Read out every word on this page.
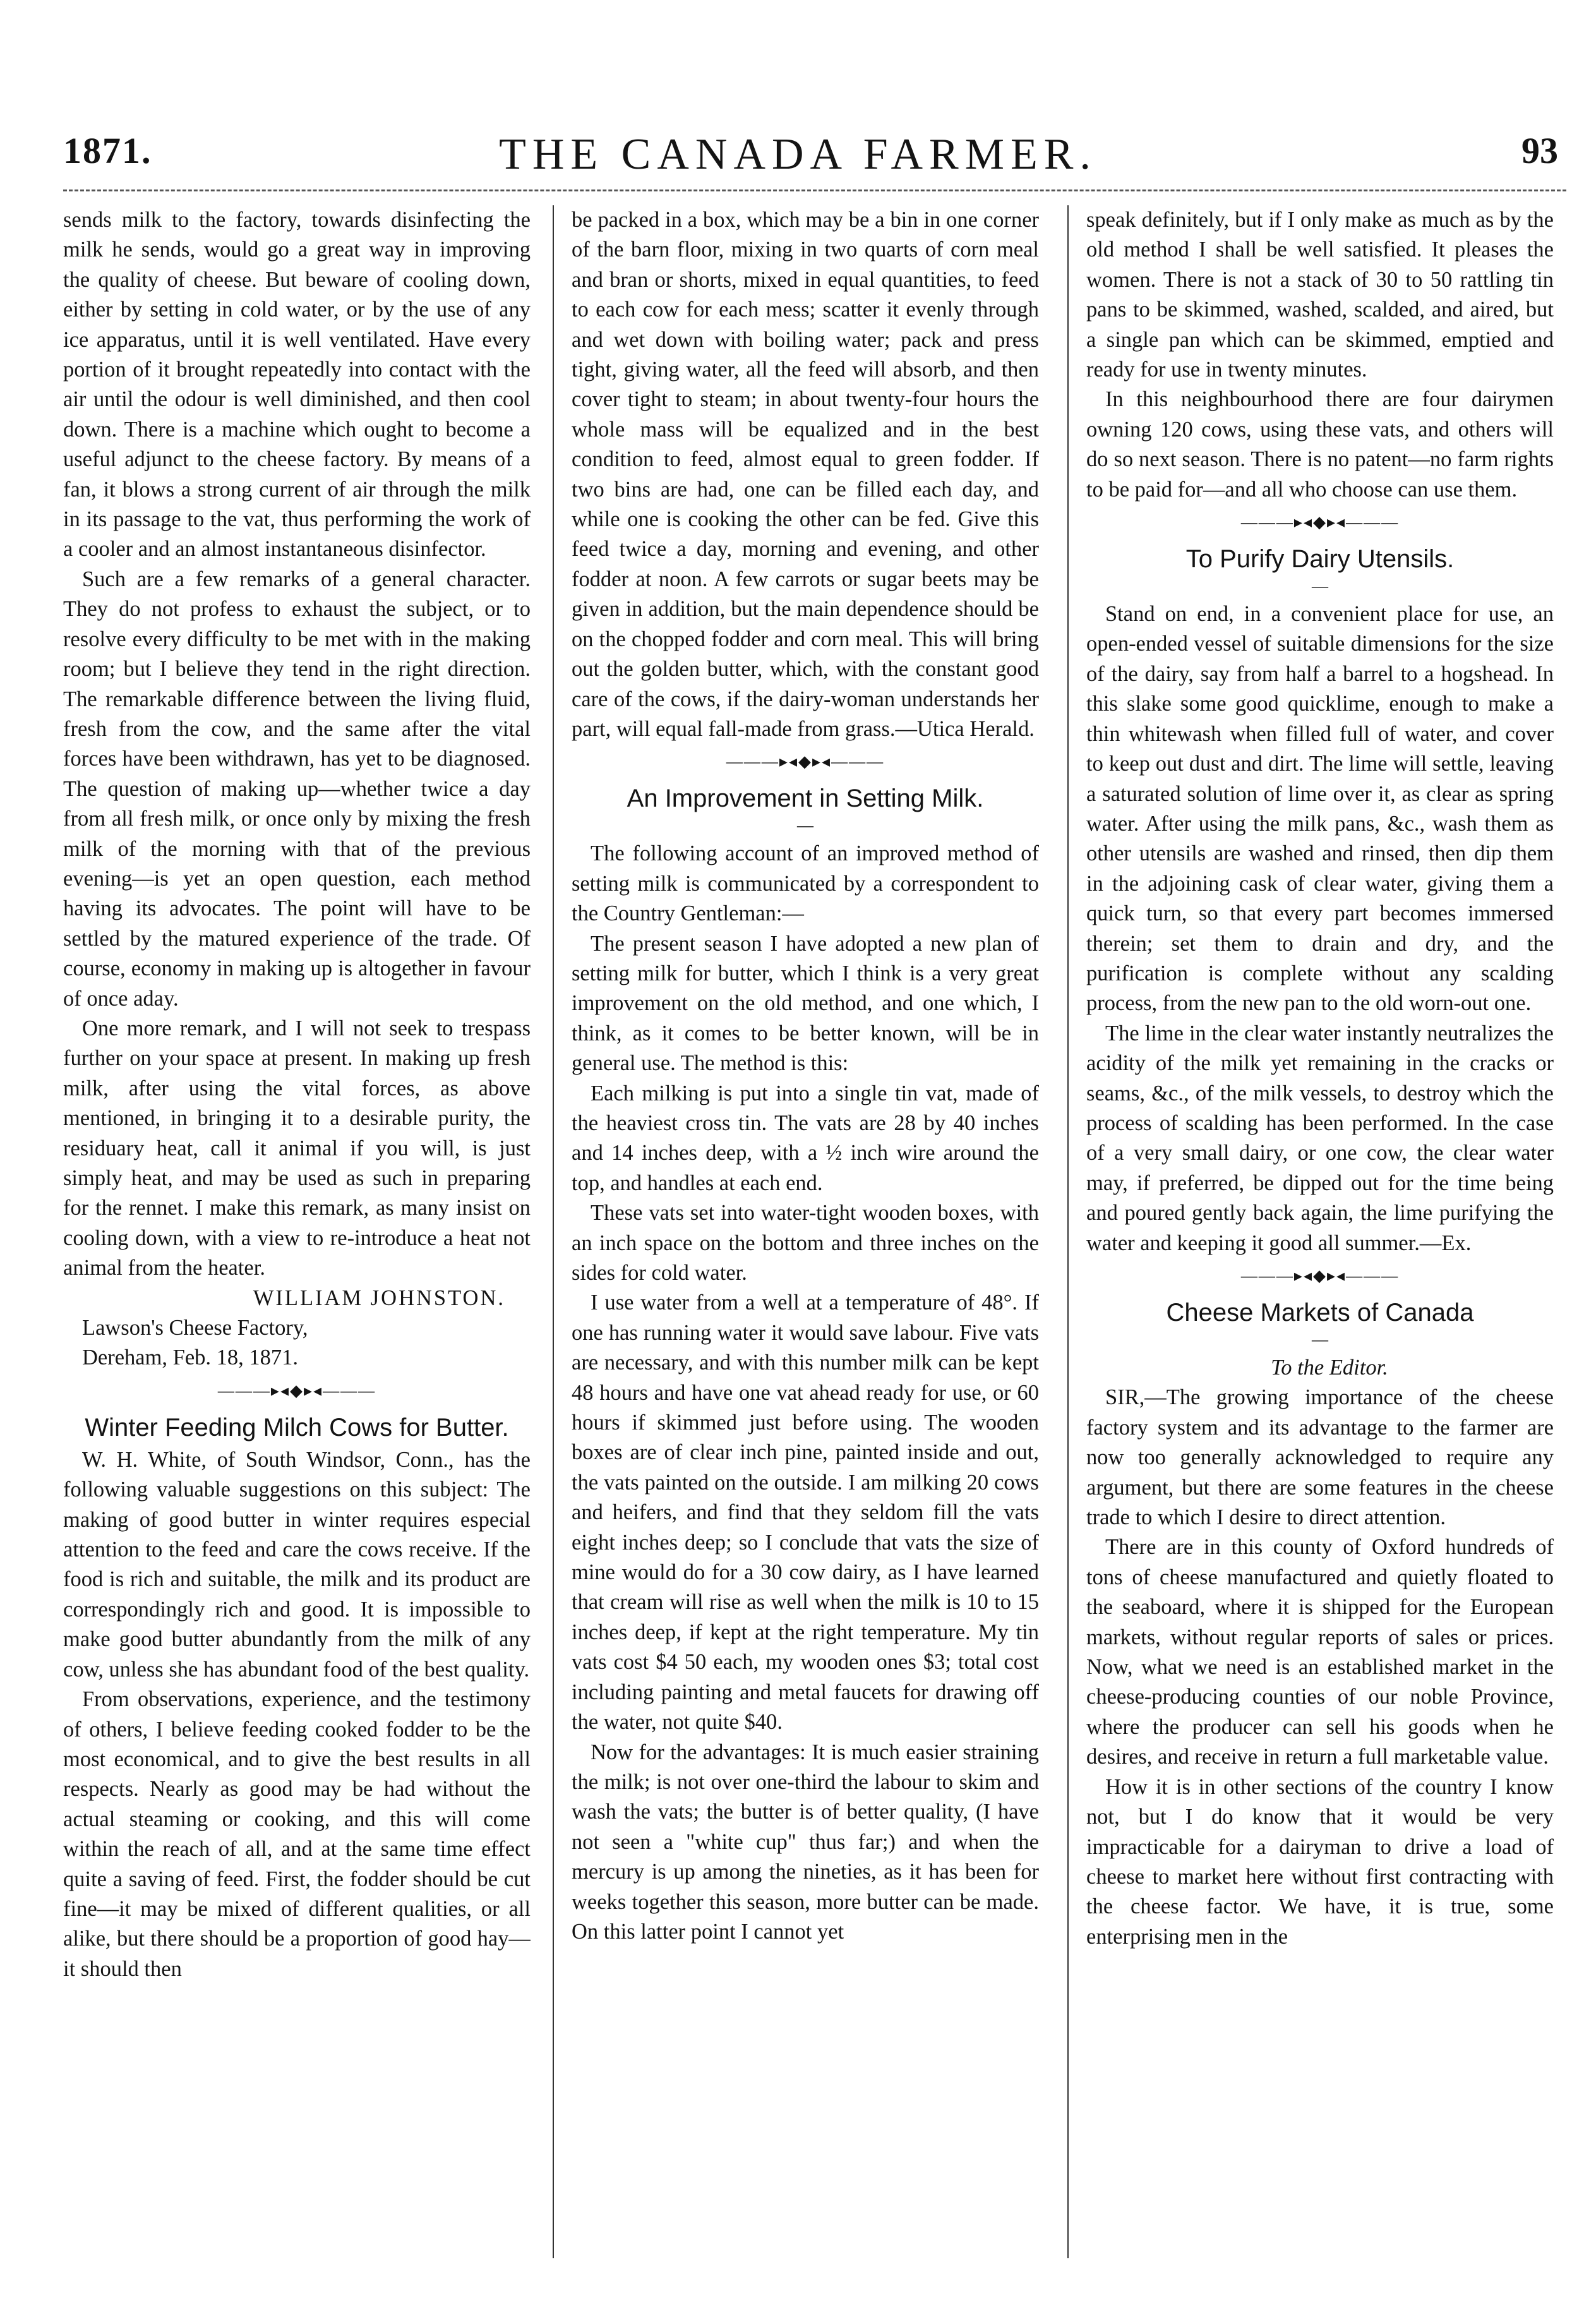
1871.	THE CANADA FARMER.	93

sends milk to the factory, towards disinfecting the milk he sends, would go a great way in improving the quality of cheese. But beware of cooling down, either by setting in cold water, or by the use of any ice apparatus, until it is well ventilated. Have every portion of it brought repeatedly into contact with the air until the odour is well diminished, and then cool down. There is a machine which ought to become a useful adjunct to the cheese factory. By means of a fan, it blows a strong current of air through the milk in its passage to the vat, thus performing the work of a cooler and an almost instantaneous disinfector.

Such are a few remarks of a general character. They do not profess to exhaust the subject, or to resolve every difficulty to be met with in the making room; but I believe they tend in the right direction. The remarkable difference between the living fluid, fresh from the cow, and the same after the vital forces have been withdrawn, has yet to be diagnosed. The question of making up—whether twice a day from all fresh milk, or once only by mixing the fresh milk of the morning with that of the previous evening—is yet an open question, each method having its advocates. The point will have to be settled by the matured experience of the trade. Of course, economy in making up is altogether in favour of once aday.

One more remark, and I will not seek to trespass further on your space at present. In making up fresh milk, after using the vital forces, as above mentioned, in bringing it to a desirable purity, the residuary heat, call it animal if you will, is just simply heat, and may be used as such in preparing for the rennet. I make this remark, as many insist on cooling down, with a view to re-introduce a heat not animal from the heater.

WILLIAM JOHNSTON.

Lawson's Cheese Factory,

Dereham, Feb. 18, 1871.

———▸◂◆▸◂———
Winter Feeding Milch Cows for Butter.

W. H. White, of South Windsor, Conn., has the following valuable suggestions on this subject: The making of good butter in winter requires especial attention to the feed and care the cows receive. If the food is rich and suitable, the milk and its product are correspondingly rich and good. It is impossible to make good butter abundantly from the milk of any cow, unless she has abundant food of the best quality.

From observations, experience, and the testimony of others, I believe feeding cooked fodder to be the most economical, and to give the best results in all respects. Nearly as good may be had without the actual steaming or cooking, and this will come within the reach of all, and at the same time effect quite a saving of feed. First, the fodder should be cut fine—it may be mixed of different qualities, or all alike, but there should be a proportion of good hay—it should then

be packed in a box, which may be a bin in one corner of the barn floor, mixing in two quarts of corn meal and bran or shorts, mixed in equal quantities, to feed to each cow for each mess; scatter it evenly through and wet down with boiling water; pack and press tight, giving water, all the feed will absorb, and then cover tight to steam; in about twenty-four hours the whole mass will be equalized and in the best condition to feed, almost equal to green fodder. If two bins are had, one can be filled each day, and while one is cooking the other can be fed. Give this feed twice a day, morning and evening, and other fodder at noon. A few carrots or sugar beets may be given in addition, but the main dependence should be on the chopped fodder and corn meal. This will bring out the golden butter, which, with the constant good care of the cows, if the dairy-woman understands her part, will equal fall-made from grass.—Utica Herald.

———▸◂◆▸◂———
An Improvement in Setting Milk.
—

The following account of an improved method of setting milk is communicated by a correspondent to the Country Gentleman:—

The present season I have adopted a new plan of setting milk for butter, which I think is a very great improvement on the old method, and one which, I think, as it comes to be better known, will be in general use. The method is this:

Each milking is put into a single tin vat, made of the heaviest cross tin. The vats are 28 by 40 inches and 14 inches deep, with a ½ inch wire around the top, and handles at each end.

These vats set into water-tight wooden boxes, with an inch space on the bottom and three inches on the sides for cold water.

I use water from a well at a temperature of 48°. If one has running water it would save labour. Five vats are necessary, and with this number milk can be kept 48 hours and have one vat ahead ready for use, or 60 hours if skimmed just before using. The wooden boxes are of clear inch pine, painted inside and out, the vats painted on the outside. I am milking 20 cows and heifers, and find that they seldom fill the vats eight inches deep; so I conclude that vats the size of mine would do for a 30 cow dairy, as I have learned that cream will rise as well when the milk is 10 to 15 inches deep, if kept at the right temperature. My tin vats cost $4 50 each, my wooden ones $3; total cost including painting and metal faucets for drawing off the water, not quite $40.

Now for the advantages: It is much easier straining the milk; is not over one-third the labour to skim and wash the vats; the butter is of better quality, (I have not seen a "white cup" thus far;) and when the mercury is up among the nineties, as it has been for weeks together this season, more butter can be made. On this latter point I cannot yet

speak definitely, but if I only make as much as by the old method I shall be well satisfied. It pleases the women. There is not a stack of 30 to 50 rattling tin pans to be skimmed, washed, scalded, and aired, but a single pan which can be skimmed, emptied and ready for use in twenty minutes.

In this neighbourhood there are four dairymen owning 120 cows, using these vats, and others will do so next season. There is no patent—no farm rights to be paid for—and all who choose can use them.

———▸◂◆▸◂———
To Purify Dairy Utensils.
—

Stand on end, in a convenient place for use, an open-ended vessel of suitable dimensions for the size of the dairy, say from half a barrel to a hogshead. In this slake some good quicklime, enough to make a thin whitewash when filled full of water, and cover to keep out dust and dirt. The lime will settle, leaving a saturated solution of lime over it, as clear as spring water. After using the milk pans, &c., wash them as other utensils are washed and rinsed, then dip them in the adjoining cask of clear water, giving them a quick turn, so that every part becomes immersed therein; set them to drain and dry, and the purification is complete without any scalding process, from the new pan to the old worn-out one.

The lime in the clear water instantly neutralizes the acidity of the milk yet remaining in the cracks or seams, &c., of the milk vessels, to destroy which the process of scalding has been performed. In the case of a very small dairy, or one cow, the clear water may, if preferred, be dipped out for the time being and poured gently back again, the lime purifying the water and keeping it good all summer.—Ex.

———▸◂◆▸◂———
Cheese Markets of Canada
—

To the Editor.

SIR,—The growing importance of the cheese factory system and its advantage to the farmer are now too generally acknowledged to require any argument, but there are some features in the cheese trade to which I desire to direct attention.

There are in this county of Oxford hundreds of tons of cheese manufactured and quietly floated to the seaboard, where it is shipped for the European markets, without regular reports of sales or prices. Now, what we need is an established market in the cheese-producing counties of our noble Province, where the producer can sell his goods when he desires, and receive in return a full marketable value.

How it is in other sections of the country I know not, but I do know that it would be very impracticable for a dairyman to drive a load of cheese to market here without first contracting with the cheese factor. We have, it is true, some enterprising men in the
